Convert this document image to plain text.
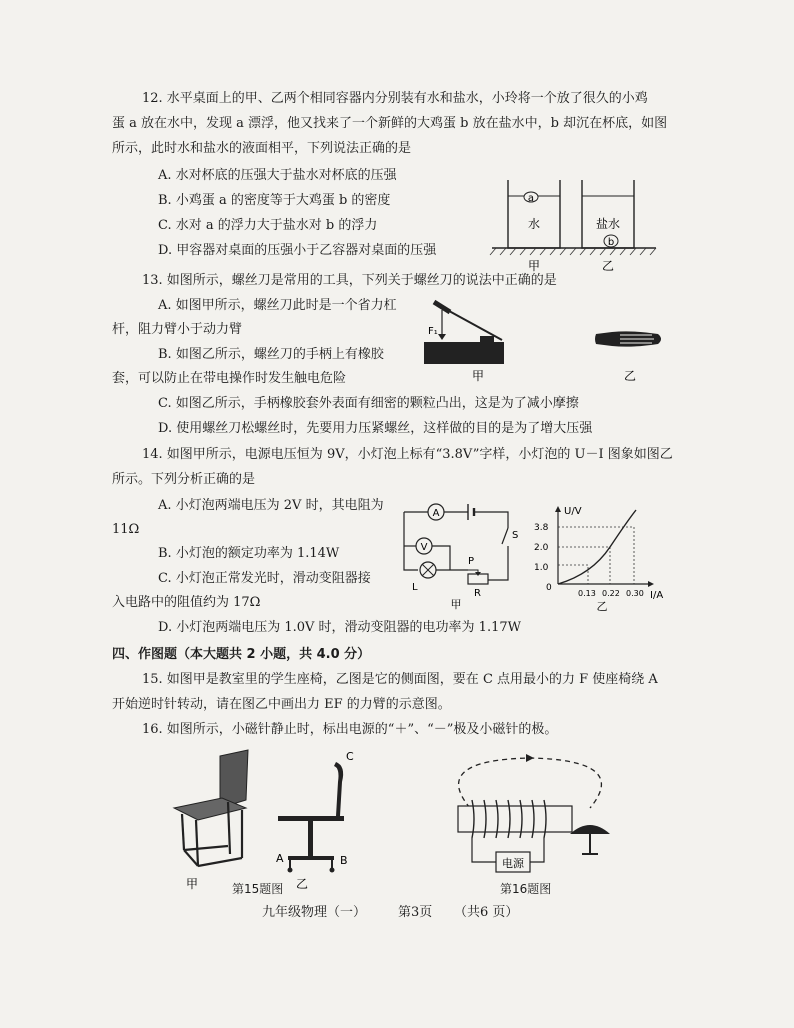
12. 水平桌面上的甲、乙两个相同容器内分别装有水和盐水，小玲将一个放了很久的小鸡
蛋 a 放在水中，发现 a 漂浮，他又找来了一个新鲜的大鸡蛋 b 放在盐水中，b 却沉在杯底，如图
所示，此时水和盐水的液面相平，下列说法正确的是
A. 水对杯底的压强大于盐水对杯底的压强
B. 小鸡蛋 a 的密度等于大鸡蛋 b 的密度
C. 水对 a 的浮力大于盐水对 b 的浮力
D. 甲容器对桌面的压强小于乙容器对桌面的压强
a
b
水	盐水
甲	乙
13. 如图所示，螺丝刀是常用的工具，下列关于螺丝刀的说法中正确的是
A. 如图甲所示，螺丝刀此时是一个省力杠
杆，阻力臂小于动力臂
B. 如图乙所示，螺丝刀的手柄上有橡胶
套，可以防止在带电操作时发生触电危险
C. 如图乙所示，手柄橡胶套外表面有细密的颗粒凸出，这是为了减小摩擦
D. 使用螺丝刀松螺丝时，先要用力压紧螺丝，这样做的目的是为了增大压强
F₁
甲	乙
14. 如图甲所示，电源电压恒为 9V，小灯泡上标有“3.8V”字样，小灯泡的 U－I 图象如图乙
所示。下列分析正确的是
A. 小灯泡两端电压为 2V 时，其电阻为
11Ω
B. 小灯泡的额定功率为 1.14W
C. 小灯泡正常发光时，滑动变阻器接
入电路中的阻值约为 17Ω
D. 小灯泡两端电压为 1.0V 时，滑动变阻器的电功率为 1.17W
S
A
V
L
R
P
甲
U/V
I/A
3.8
2.0
1.0
0
0.13 0.22 0.30
乙
四、作图题（本大题共 2 小题，共 4.0 分）
15. 如图甲是教室里的学生座椅，乙图是它的侧面图，要在 C 点用最小的力 F 使座椅绕 A
开始逆时针转动，请在图乙中画出力 EF 的力臂的示意图。
16. 如图所示，小磁针静止时，标出电源的“＋”、“－”极及小磁针的极。
甲
C
A	B
乙
电源
第15题图	第16题图
九年级物理（一） 第3页 （共6 页）
